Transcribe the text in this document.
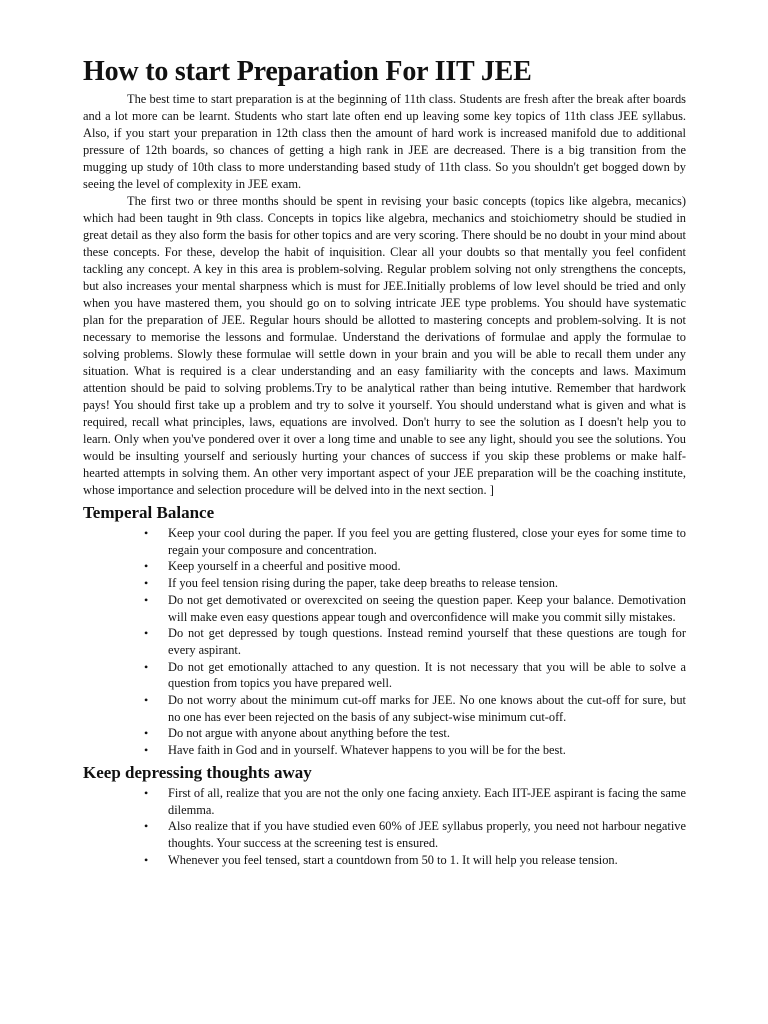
How to start Preparation For IIT JEE

The best time to start preparation is at the beginning of 11th class. Students are fresh after the break after boards and a lot more can be learnt. Students who start late often end up leaving some key topics of 11th class JEE syllabus. Also, if you start your preparation in 12th class then the amount of hard work is increased manifold due to additional pressure of 12th boards, so chances of getting a high rank in JEE are decreased. There is a big transition from the mugging up study of 10th class to more understanding based study of 11th class. So you shouldn't get bogged down by seeing the level of complexity in JEE exam.

The first two or three months should be spent in revising your basic concepts (topics like algebra, mecanics) which had been taught in 9th class. Concepts in topics like algebra, mechanics and stoichiometry should be studied in great detail as they also form the basis for other topics and are very scoring. There should be no doubt in your mind about these concepts. For these, develop the habit of inquisition. Clear all your doubts so that mentally you feel confident tackling any concept. A key in this area is problem-solving. Regular problem solving not only strengthens the concepts, but also increases your mental sharpness which is must for JEE.Initially problems of low level should be tried and only when you have mastered them, you should go on to solving intricate JEE type problems. You should have systematic plan for the preparation of JEE. Regular hours should be allotted to mastering concepts and problem-solving. It is not necessary to memorise the lessons and formulae. Understand the derivations of formulae and apply the formulae to solving problems. Slowly these formulae will settle down in your brain and you will be able to recall them under any situation. What is required is a clear understanding and an easy familiarity with the concepts and laws. Maximum attention should be paid to solving problems.Try to be analytical rather than being intutive. Remember that hardwork pays! You should first take up a problem and try to solve it yourself. You should understand what is given and what is required, recall what principles, laws, equations are involved. Don't hurry to see the solution as I doesn't help you to learn. Only when you've pondered over it over a long time and unable to see any light, should you see the solutions. You would be insulting yourself and seriously hurting your chances of success if you skip these problems or make half-hearted attempts in solving them. An other very important aspect of your JEE preparation will be the coaching institute, whose importance and selection procedure will be delved into in the next section. ]

Temperal Balance
• Keep your cool during the paper. If you feel you are getting flustered, close your eyes for some time to regain your composure and concentration.
• Keep yourself in a cheerful and positive mood.
• If you feel tension rising during the paper, take deep breaths to release tension.
• Do not get demotivated or overexcited on seeing the question paper. Keep your balance. Demotivation will make even easy questions appear tough and overconfidence will make you commit silly mistakes.
• Do not get depressed by tough questions. Instead remind yourself that these questions are tough for every aspirant.
• Do not get emotionally attached to any question. It is not necessary that you will be able to solve a question from topics you have prepared well.
• Do not worry about the minimum cut-off marks for JEE. No one knows about the cut-off for sure, but no one has ever been rejected on the basis of any subject-wise minimum cut-off.
• Do not argue with anyone about anything before the test.
• Have faith in God and in yourself. Whatever happens to you will be for the best.
Keep depressing thoughts away
• First of all, realize that you are not the only one facing anxiety. Each IIT-JEE aspirant is facing the same dilemma.
• Also realize that if you have studied even 60% of JEE syllabus properly, you need not harbour negative thoughts. Your success at the screening test is ensured.
• Whenever you feel tensed, start a countdown from 50 to 1. It will help you release tension.
